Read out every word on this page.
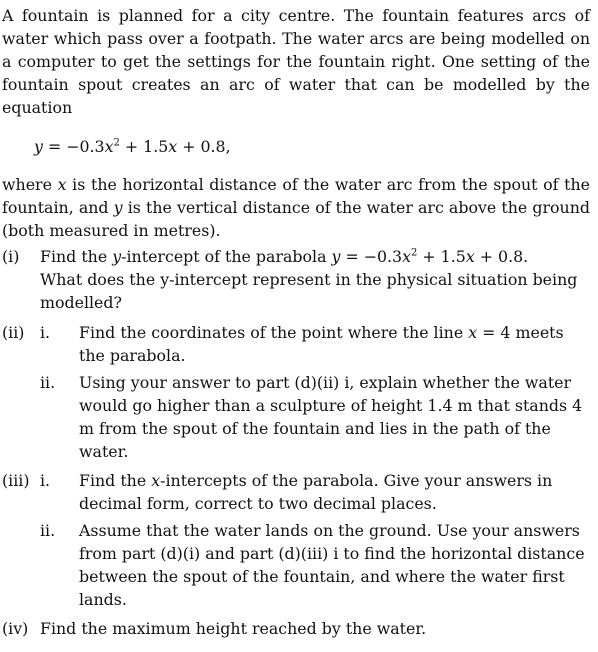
A fountain is planned for a city centre. The fountain features arcs of water which pass over a footpath. The water arcs are being modelled on a computer to get the settings for the fountain right. One setting of the fountain spout creates an arc of water that can be modelled by the equation

$y = -0.3x^2 + 1.5x + 0.8$,

where x is the horizontal distance of the water arc from the spout of the fountain, and y is the vertical distance of the water arc above the ground (both measured in metres).

(i)	Find the y-intercept of the parabola $y = -0.3x^2 + 1.5x + 0.8$.
What does the y-intercept represent in the physical situation being modelled?
(ii) i.	Find the coordinates of the point where the line x = 4 meets the parabola.
ii.	Using your answer to part (d)(ii) i, explain whether the water would go higher than a sculpture of height 1.4 m that stands 4 m from the spout of the fountain and lies in the path of the water.
(iii) i.	Find the x-intercepts of the parabola. Give your answers in decimal form, correct to two decimal places.
ii.	Assume that the water lands on the ground. Use your answers from part (d)(i) and part (d)(iii) i to find the horizontal distance between the spout of the fountain, and where the water first lands.
(iv) Find the maximum height reached by the water.
